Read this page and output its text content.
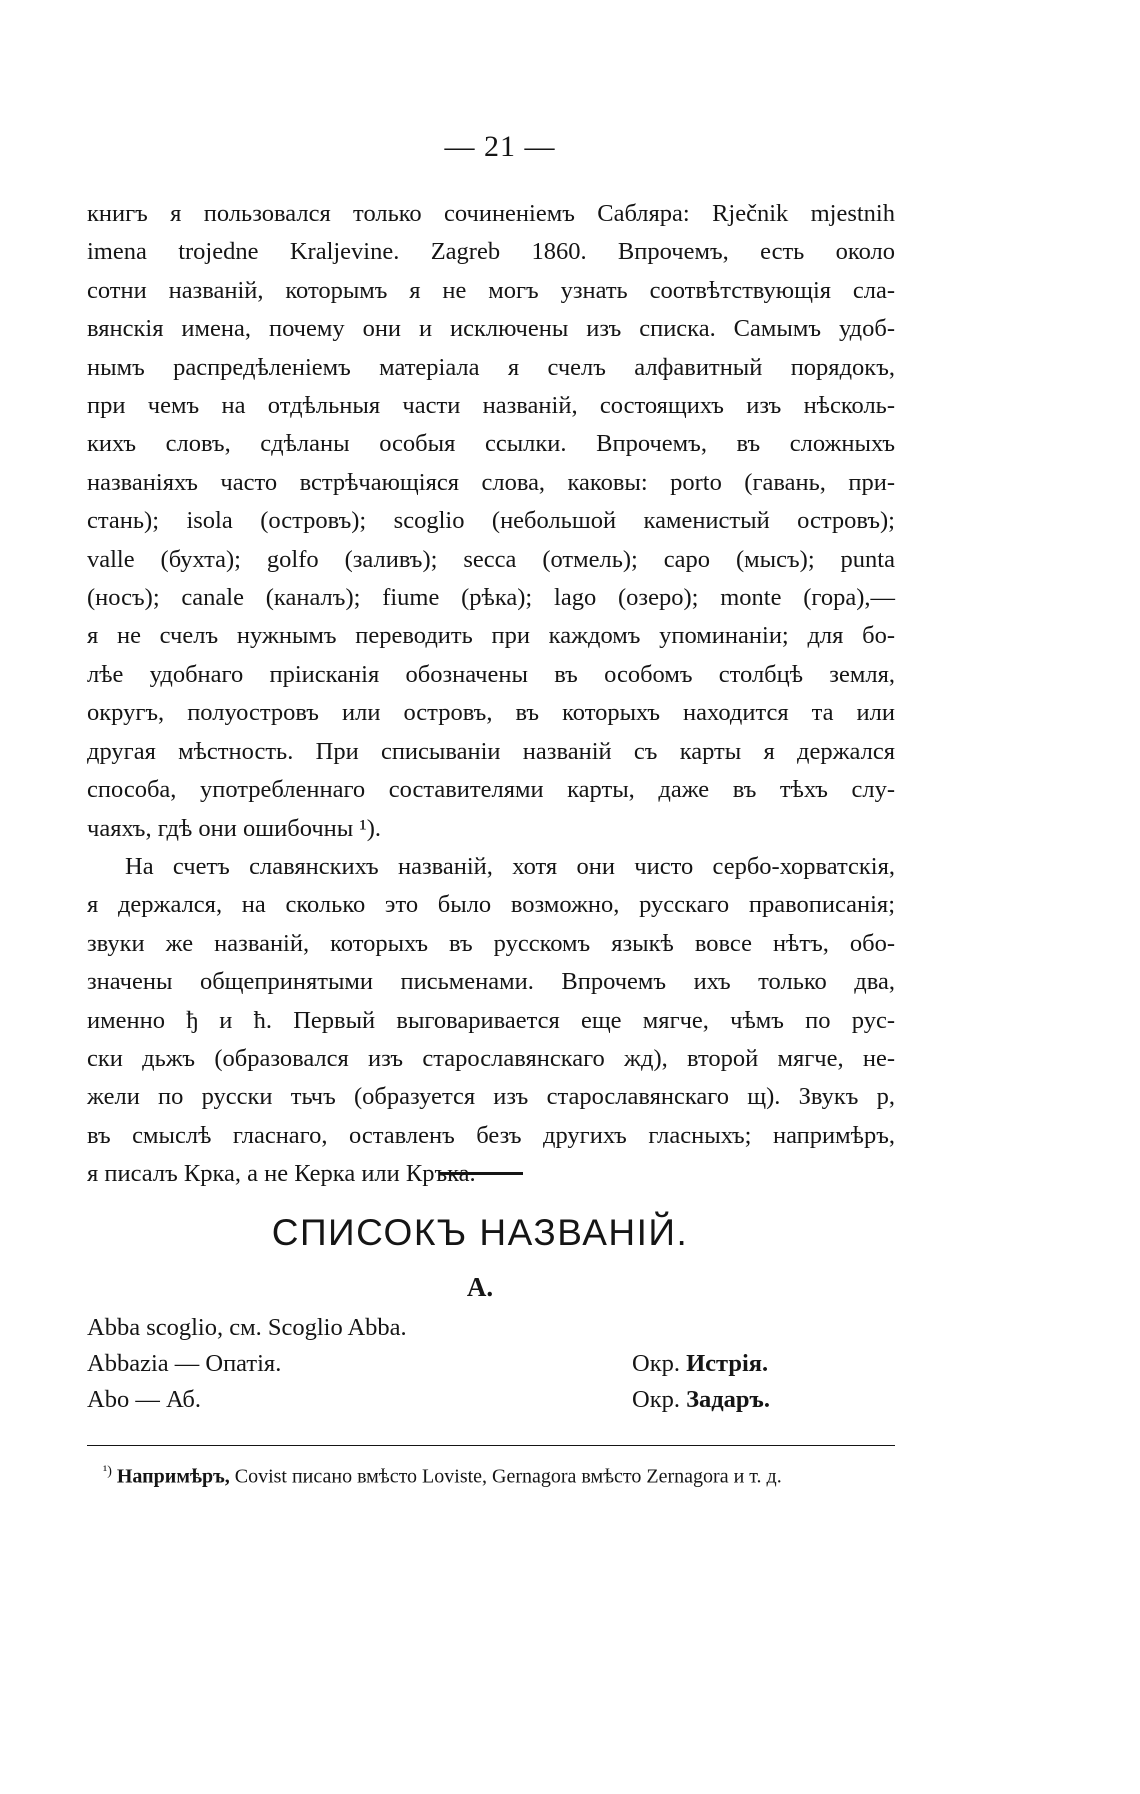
— 21 —
книгъ я пользовался только сочиненіемъ Сабляра: Rječnik mjestnih
imena trojedne Kraljevine. Zagreb 1860. Впрочемъ, есть около
сотни названій, которымъ я не могъ узнать соотвѣтствующія сла-
вянскія имена, почему они и исключены изъ списка. Самымъ удоб-
нымъ распредѣленіемъ матеріала я счелъ алфавитный порядокъ,
при чемъ на отдѣльныя части названій, состоящихъ изъ нѣсколь-
кихъ словъ, сдѣланы особыя ссылки. Впрочемъ, въ сложныхъ
названіяхъ часто встрѣчающіяся слова, каковы: porto (гавань, при-
стань); isola (островъ); scoglio (небольшой каменистый островъ);
valle (бухта); golfo (заливъ); secca (отмель); capo (мысъ); punta
(носъ); canale (каналъ); fiume (рѣка); lago (озеро); monte (гора),—
я не счелъ нужнымъ переводить при каждомъ упоминаніи; для бо-
лѣе удобнаго пріисканія обозначены въ особомъ столбцѣ земля,
округъ, полуостровъ или островъ, въ которыхъ находится та или
другая мѣстность. При списываніи названій съ карты я держался
способа, употребленнаго составителями карты, даже въ тѣхъ слу-
чаяхъ, гдѣ они ошибочны ¹).
На счетъ славянскихъ названій, хотя они чисто сербо-хорватскія,
я держался, на сколько это было возможно, русскаго правописанія;
звуки же названій, которыхъ въ русскомъ языкѣ вовсе нѣтъ, обо-
значены общепринятыми письменами. Впрочемъ ихъ только два,
именно ђ и ћ. Первый выговаривается еще мягче, чѣмъ по рус-
ски дьжъ (образовался изъ старославянскаго жд), второй мягче, не-
жели по русски тьчъ (образуется изъ старославянскаго щ). Звукъ р,
въ смыслѣ гласнаго, оставленъ безъ другихъ гласныхъ; напримѣръ,
я писалъ Крка, а не Керка или Кръка.
СПИСОКЪ НАЗВАНІЙ.
А.
Abba scoglio, см. Scoglio Abba.
Abbazia — Опатія.	Окр. Истрія.
Abo — Аб.	Окр. Задаръ.
$^{^1)}$ Напримѣръ, Covist писано вмѣсто Loviste, Gernagora вмѣсто Zernagora и т. д.
